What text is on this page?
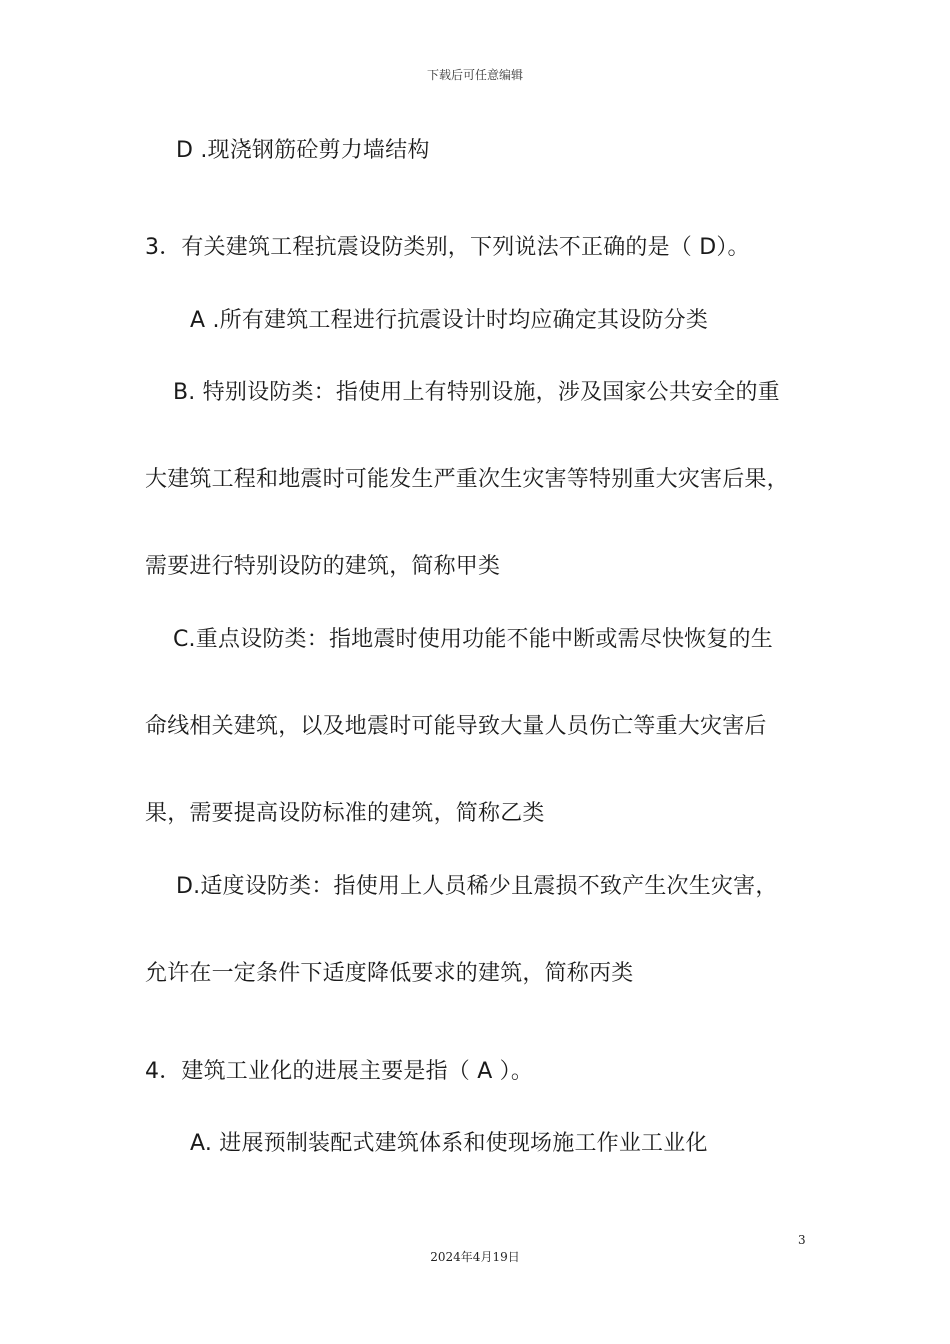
下载后可任意编辑
D .现浇钢筋砼剪力墙结构
3．有关建筑工程抗震设防类别，下列说法不正确的是（ D）。
A .所有建筑工程进行抗震设计时均应确定其设防分类
B. 特别设防类：指使用上有特别设施，涉及国家公共安全的重
大建筑工程和地震时可能发生严重次生灾害等特别重大灾害后果，
需要进行特别设防的建筑，简称甲类
C.重点设防类：指地震时使用功能不能中断或需尽快恢复的生
命线相关建筑，以及地震时可能导致大量人员伤亡等重大灾害后
果，需要提高设防标准的建筑，简称乙类
D.适度设防类：指使用上人员稀少且震损不致产生次生灾害，
允许在一定条件下适度降低要求的建筑，简称丙类
4．建筑工业化的进展主要是指（ A ）。
A. 进展预制装配式建筑体系和使现场施工作业工业化
3
2024年4月19日
